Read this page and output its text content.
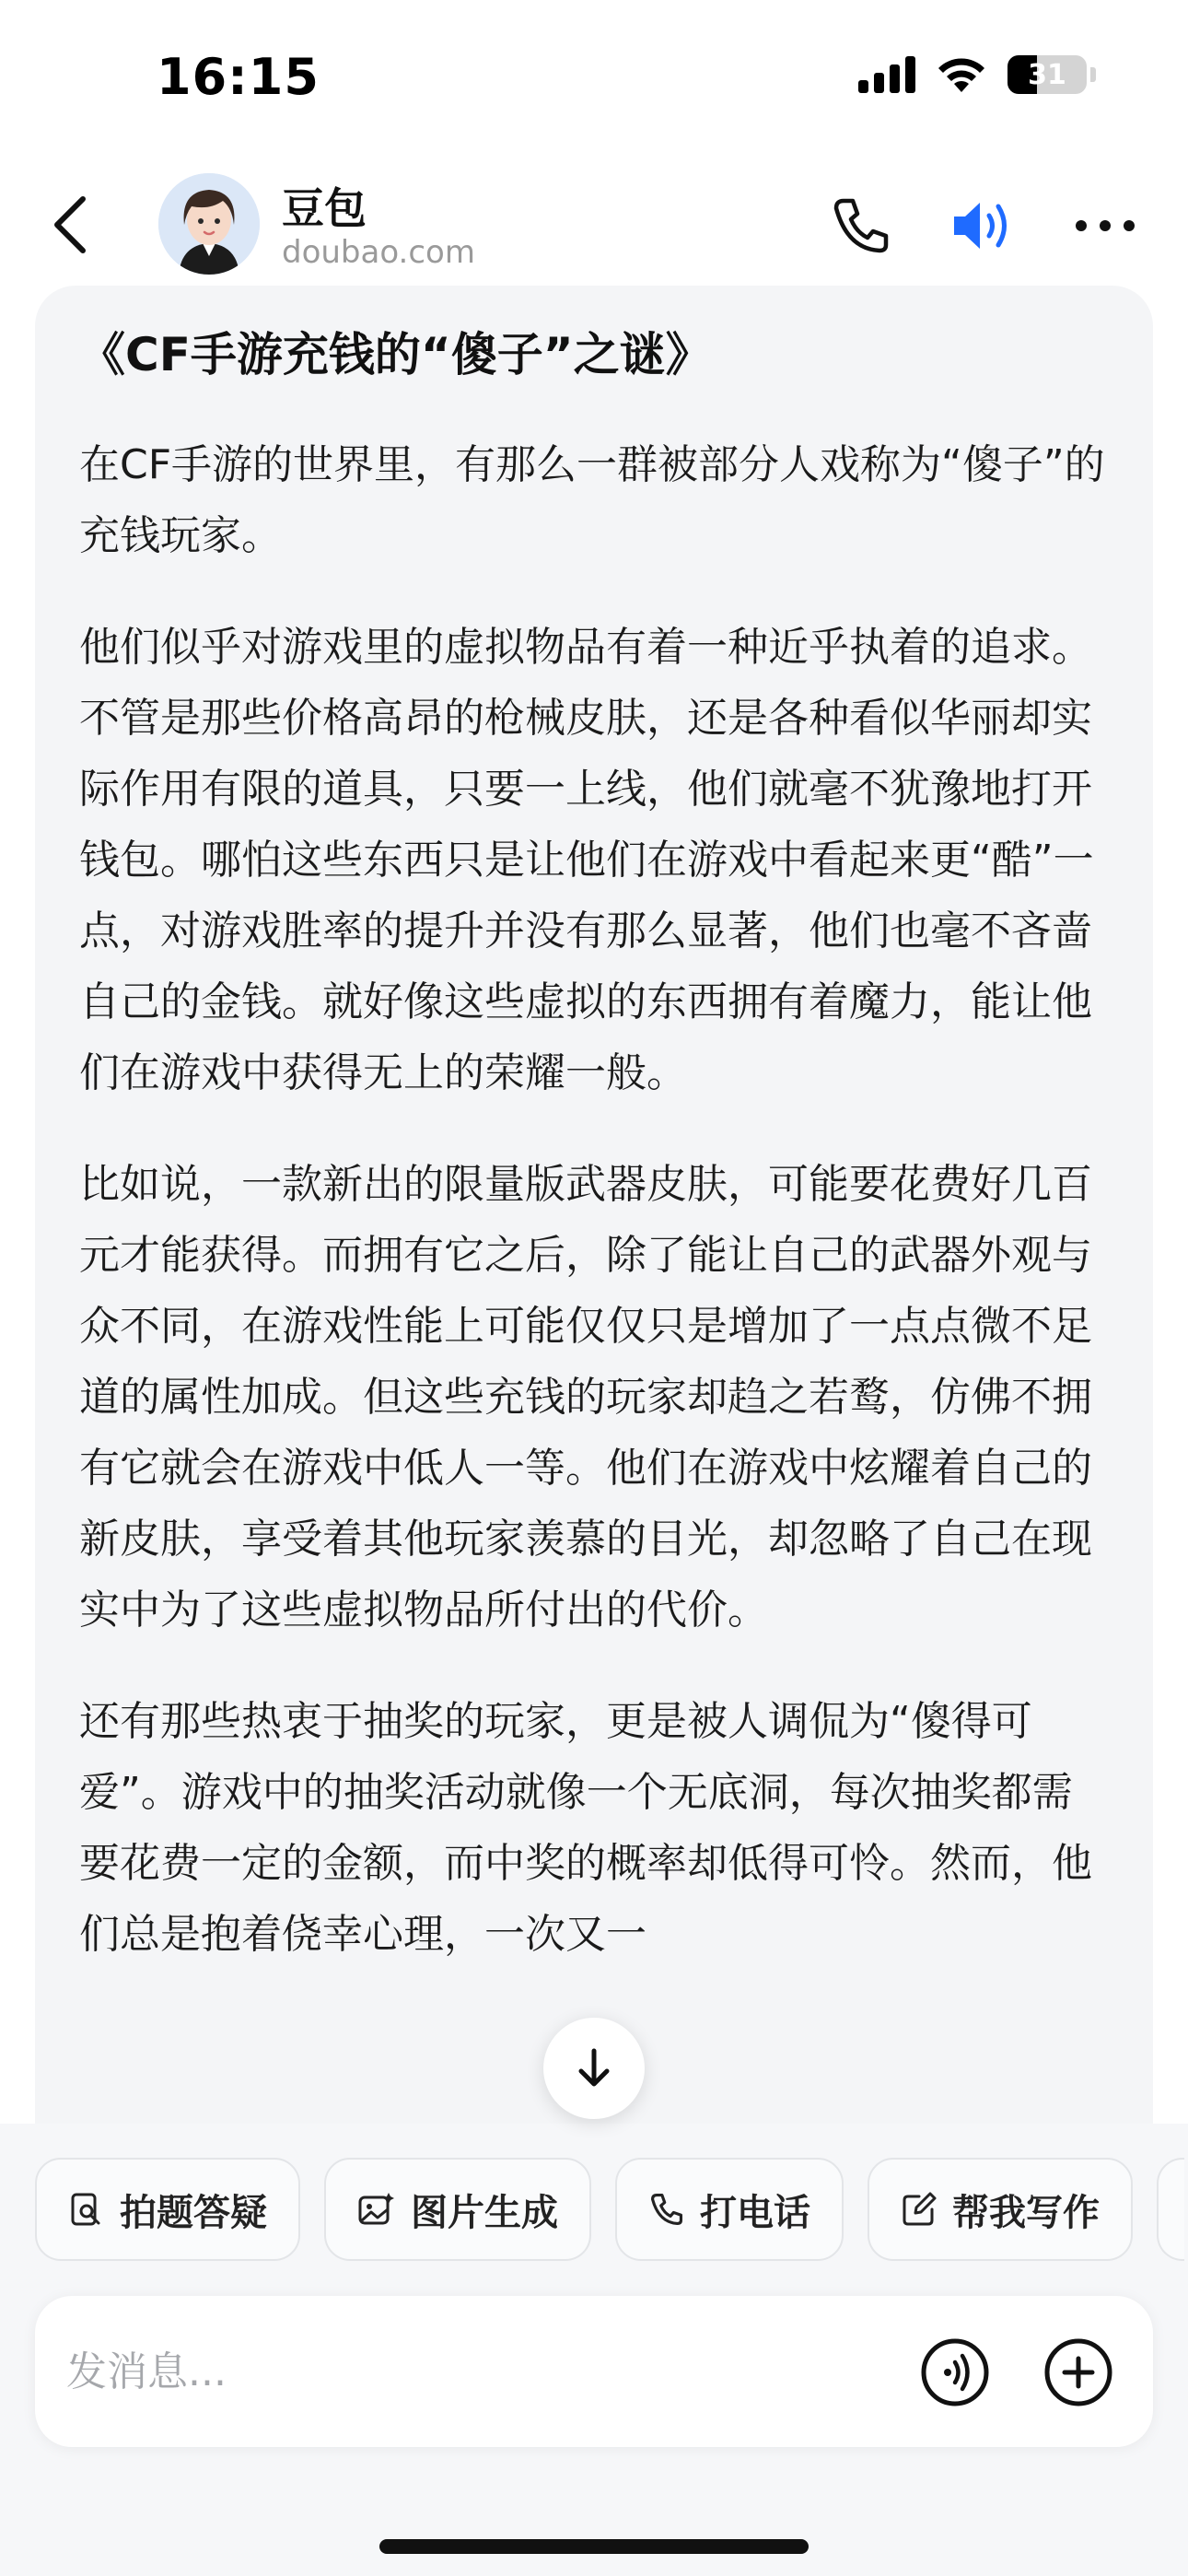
16:15	31
豆包
doubao.com
《CF手游充钱的“傻子”之谜》

在CF手游的世界里，有那么一群被部分人戏称为“傻子”的充钱玩家。

他们似乎对游戏里的虚拟物品有着一种近乎执着的追求。不管是那些价格高昂的枪械皮肤，还是各种看似华丽却实际作用有限的道具，只要一上线，他们就毫不犹豫地打开钱包。哪怕这些东西只是让他们在游戏中看起来更“酷”一点，对游戏胜率的提升并没有那么显著，他们也毫不吝啬自己的金钱。就好像这些虚拟的东西拥有着魔力，能让他们在游戏中获得无上的荣耀一般。

比如说，一款新出的限量版武器皮肤，可能要花费好几百元才能获得。而拥有它之后，除了能让自己的武器外观与众不同，在游戏性能上可能仅仅只是增加了一点点微不足道的属性加成。但这些充钱的玩家却趋之若鹜，仿佛不拥有它就会在游戏中低人一等。他们在游戏中炫耀着自己的新皮肤，享受着其他玩家羡慕的目光，却忽略了自己在现实中为了这些虚拟物品所付出的代价。

还有那些热衷于抽奖的玩家，更是被人调侃为“傻得可爱”。游戏中的抽奖活动就像一个无底洞，每次抽奖都需要花费一定的金额，而中奖的概率却低得可怜。然而，他们总是抱着侥幸心理，一次又一

拍题答疑	图片生成	打电话	帮我写作
发消息...
